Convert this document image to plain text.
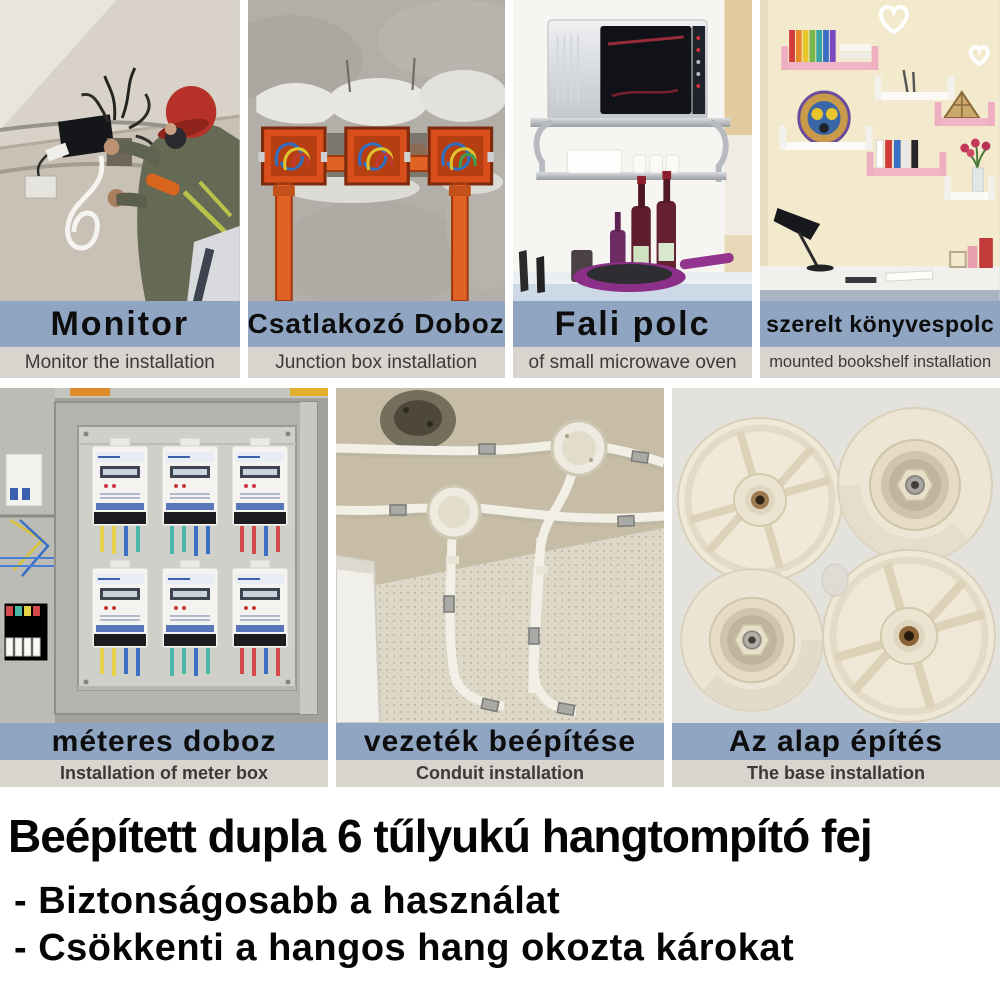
Monitor
Monitor the installation
Csatlakozó Doboz
Junction box installation
Fali polc
of small microwave oven
szerelt könyvespolc
mounted bookshelf installation
méteres doboz
Installation of meter box
vezeték beépítése
Conduit installation
Az alap építés
The base installation
Beépített dupla 6 tűlyukú hangtompító fej

- Biztonságosabb a használat

- Csökkenti a hangos hang okozta károkat
